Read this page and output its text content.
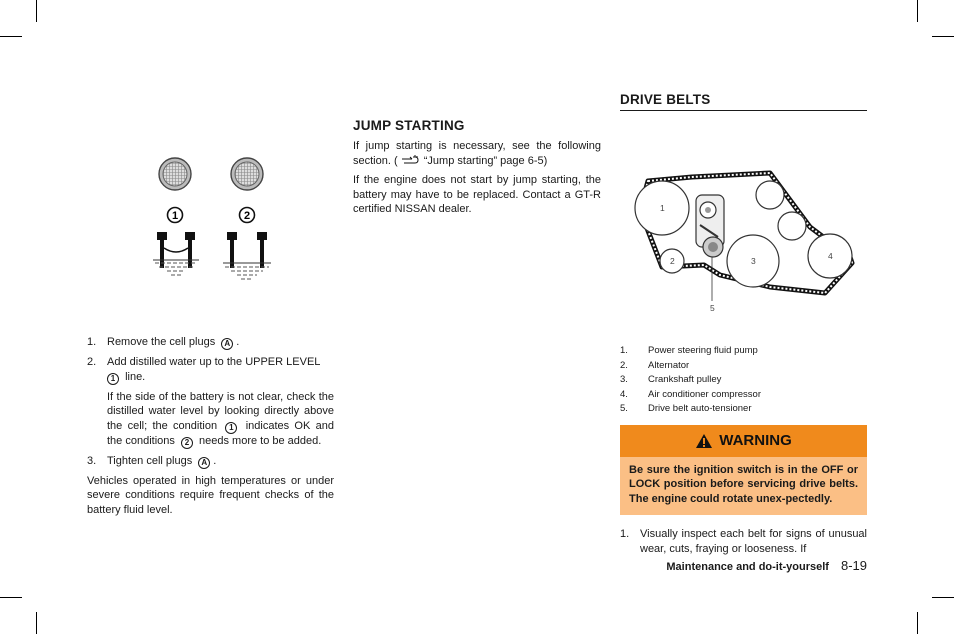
1	2
1. Remove the cell plugs A .
2. Add distilled water up to the UPPER LEVEL
1 line.
If the side of the battery is not clear, check the distilled water level by looking directly above the cell; the condition 1 indicates OK and the conditions 2 needs more to be added.
3. Tighten cell plugs A .

Vehicles operated in high temperatures or under severe conditions require frequent checks of the battery fluid level.

JUMP STARTING

If jump starting is necessary, see the following section. ( “Jump starting” page 6-5)

If the engine does not start by jump starting, the battery may have to be replaced. Contact a GT-R certified NISSAN dealer.

DRIVE BELTS
1
2	3	4
5
1.	Power steering fluid pump
2.	Alternator
3.	Crankshaft pulley
4.	Air conditioner compressor
5.	Drive belt auto-tensioner
WARNING
Be sure the ignition switch is in the OFF or LOCK position before servicing drive belts. The engine could rotate unex-pectedly.
1. Visually inspect each belt for signs of unusual wear, cuts, fraying or looseness. If
Maintenance and do-it-yourself 8-19
